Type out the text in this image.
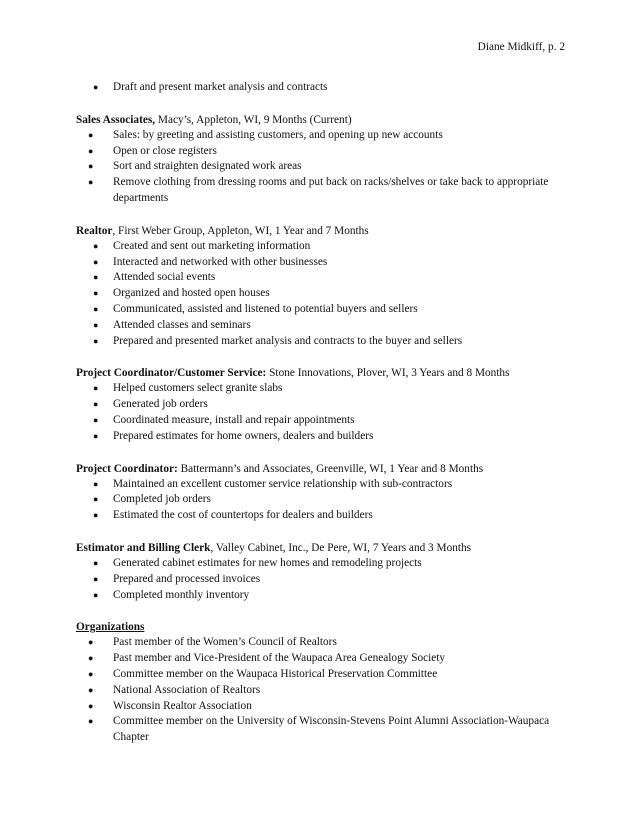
Diane Midkiff, p. 2
● Draft and present market analysis and contracts

Sales Associates, Macy’s, Appleton, WI, 9 Months (Current)

● Sales: by greeting and assisting customers, and opening up new accounts
● Open or close registers
● Sort and straighten designated work areas
● Remove clothing from dressing rooms and put back on racks/shelves or take back to appropriate departments

Realtor, First Weber Group, Appleton, WI, 1 Year and 7 Months

● Created and sent out marketing information
● Interacted and networked with other businesses
● Attended social events
● Organized and hosted open houses
● Communicated, assisted and listened to potential buyers and sellers
● Attended classes and seminars
● Prepared and presented market analysis and contracts to the buyer and sellers

Project Coordinator/Customer Service: Stone Innovations, Plover, WI, 3 Years and 8 Months

● Helped customers select granite slabs
● Generated job orders
● Coordinated measure, install and repair appointments
● Prepared estimates for home owners, dealers and builders

Project Coordinator: Battermann’s and Associates, Greenville, WI, 1 Year and 8 Months

● Maintained an excellent customer service relationship with sub-contractors
● Completed job orders
● Estimated the cost of countertops for dealers and builders

Estimator and Billing Clerk, Valley Cabinet, Inc., De Pere, WI, 7 Years and 3 Months

● Generated cabinet estimates for new homes and remodeling projects
● Prepared and processed invoices
● Completed monthly inventory

Organizations

● Past member of the Women’s Council of Realtors
● Past member and Vice-President of the Waupaca Area Genealogy Society
● Committee member on the Waupaca Historical Preservation Committee
● National Association of Realtors
● Wisconsin Realtor Association
● Committee member on the University of Wisconsin-Stevens Point Alumni Association-Waupaca Chapter
